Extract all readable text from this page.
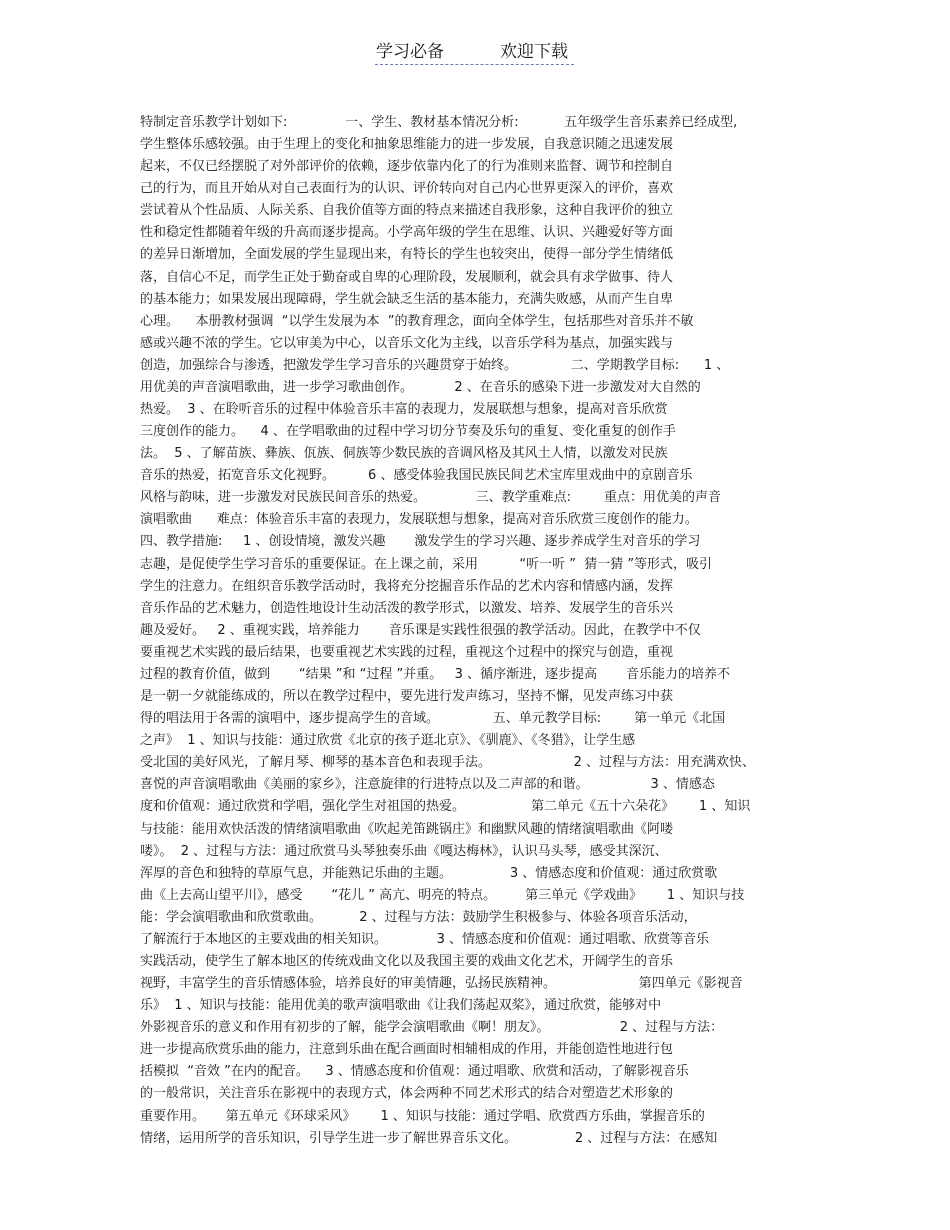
学习必备	欢迎下载
特制定音乐教学计划如下:              一、学生、教材基本情况分析:           五年级学生音乐素养已经成型,
学生整体乐感较强。由于生理上的变化和抽象思维能力的进一步发展，自我意识随之迅速发展
起来，不仅已经摆脱了对外部评价的依赖，逐步依靠内化了的行为准则来监督、调节和控制自
己的行为，而且开始从对自己表面行为的认识、评价转向对自己内心世界更深入的评价，喜欢
尝试着从个性品质、人际关系、自我价值等方面的特点来描述自我形象，这种自我评价的独立
性和稳定性都随着年级的升高而逐步提高。小学高年级的学生在思维、认识、兴趣爱好等方面
的差异日渐增加，全面发展的学生显现出来，有特长的学生也较突出，使得一部分学生情绪低
落，自信心不足，而学生正处于勤奋或自卑的心理阶段，发展顺利，就会具有求学做事、待人
的基本能力；如果发展出现障碍，学生就会缺乏生活的基本能力，充满失败感，从而产生自卑
心理。    本册教材强调  “以学生发展为本  ”的教育理念，面向全体学生，包括那些对音乐并不敏
感或兴趣不浓的学生。它以审美为中心，以音乐文化为主线，以音乐学科为基点，加强实践与
创造，加强综合与渗透，把激发学生学习音乐的兴趣贯穿于始终。             二、学期教学目标:      1 、
用优美的声音演唱歌曲，进一步学习歌曲创作。          2 、在音乐的感染下进一步激发对大自然的
热爱。  3 、在聆听音乐的过程中体验音乐丰富的表现力，发展联想与想象，提高对音乐欣赏
三度创作的能力。    4 、在学唱歌曲的过程中学习切分节奏及乐句的重复、变化重复的创作手
法。  5 、了解苗族、彝族、佤族、侗族等少数民族的音调风格及其风土人情，以激发对民族
音乐的热爱，拓宽音乐文化视野。        6 、感受体验我国民族民间艺术宝库里戏曲中的京剧音乐
风格与韵味，进一步激发对民族民间音乐的热爱。            三、教学重难点:        重点：用优美的声音
演唱歌曲      难点：体验音乐丰富的表现力，发展联想与想象，提高对音乐欣赏三度创作的能力。
四、教学措施:     1 、创设情境，激发兴趣       激发学生的学习兴趣、逐步养成学生对音乐的学习
志趣，是促使学生学习音乐的重要保证。在上课之前，采用          “听一听 ”  猜一猜 ”等形式，吸引
学生的注意力。在组织音乐教学活动时，我将充分挖掘音乐作品的艺术内容和情感内涵，发挥
音乐作品的艺术魅力，创造性地设计生动活泼的教学形式，以激发、培养、发展学生的音乐兴
趣及爱好。   2 、重视实践，培养能力       音乐课是实践性很强的教学活动。因此，在教学中不仅
要重视艺术实践的最后结果，也要重视艺术实践的过程，重视这个过程中的探究与创造，重视
过程的教育价值，做到       “结果 ”和 “过程 ”并重。   3 、循序渐进，逐步提高       音乐能力的培养不
是一朝一夕就能练成的，所以在教学过程中，要先进行发声练习，坚持不懈，见发声练习中获
得的唱法用于各需的演唱中，逐步提高学生的音域。             五、单元教学目标:        第一单元《北国
之声》  1 、知识与技能：通过欣赏《北京的孩子逛北京》、《驯鹿》、《冬猎》，让学生感
受北国的美好风光，了解月琴、柳琴的基本音色和表现手法。                    2 、过程与方法：用充满欢快、
喜悦的声音演唱歌曲《美丽的家乡》，注意旋律的行进特点以及二声部的和谐。               3 、情感态
度和价值观：通过欣赏和学唱，强化学生对祖国的热爱。                第二单元《五十六朵花》      1 、知识
与技能：能用欢快活泼的情绪演唱歌曲《吹起羌笛跳锅庄》和幽默风趣的情绪演唱歌曲《阿喽
喽》。  2 、过程与方法：通过欣赏马头琴独奏乐曲《嘎达梅林》，认识马头琴，感受其深沉、
浑厚的音色和独特的草原气息，并能熟记乐曲的主题。              3 、情感态度和价值观：通过欣赏歌
曲《上去高山望平川》，感受       “花儿 ” 高亢、明亮的特点。       第三单元《学戏曲》      1 、知识与技
能：学会演唱歌曲和欣赏歌曲。         2 、过程与方法：鼓励学生积极参与、体验各项音乐活动，
了解流行于本地区的主要戏曲的相关知识。            3 、情感态度和价值观：通过唱歌、欣赏等音乐
实践活动，使学生了解本地区的传统戏曲文化以及我国主要的戏曲文化艺术，开阔学生的音乐
视野，丰富学生的音乐情感体验，培养良好的审美情趣，弘扬民族精神。                    第四单元《影视音
乐》  1 、知识与技能：能用优美的歌声演唱歌曲《让我们荡起双桨》，通过欣赏，能够对中
外影视音乐的意义和作用有初步的了解，能学会演唱歌曲《啊！朋友》。                 2 、过程与方法：
进一步提高欣赏乐曲的能力，注意到乐曲在配合画面时相辅相成的作用，并能创造性地进行包
括模拟  “音效 ”在内的配音。    3 、情感态度和价值观：通过唱歌、欣赏和活动，了解影视音乐
的一般常识，关注音乐在影视中的表现方式，体会两种不同艺术形式的结合对塑造艺术形象的
重要作用。     第五单元《环球采风》      1 、知识与技能：通过学唱、欣赏西方乐曲，掌握音乐的
情绪，运用所学的音乐知识，引导学生进一步了解世界音乐文化。              2 、过程与方法：在感知
